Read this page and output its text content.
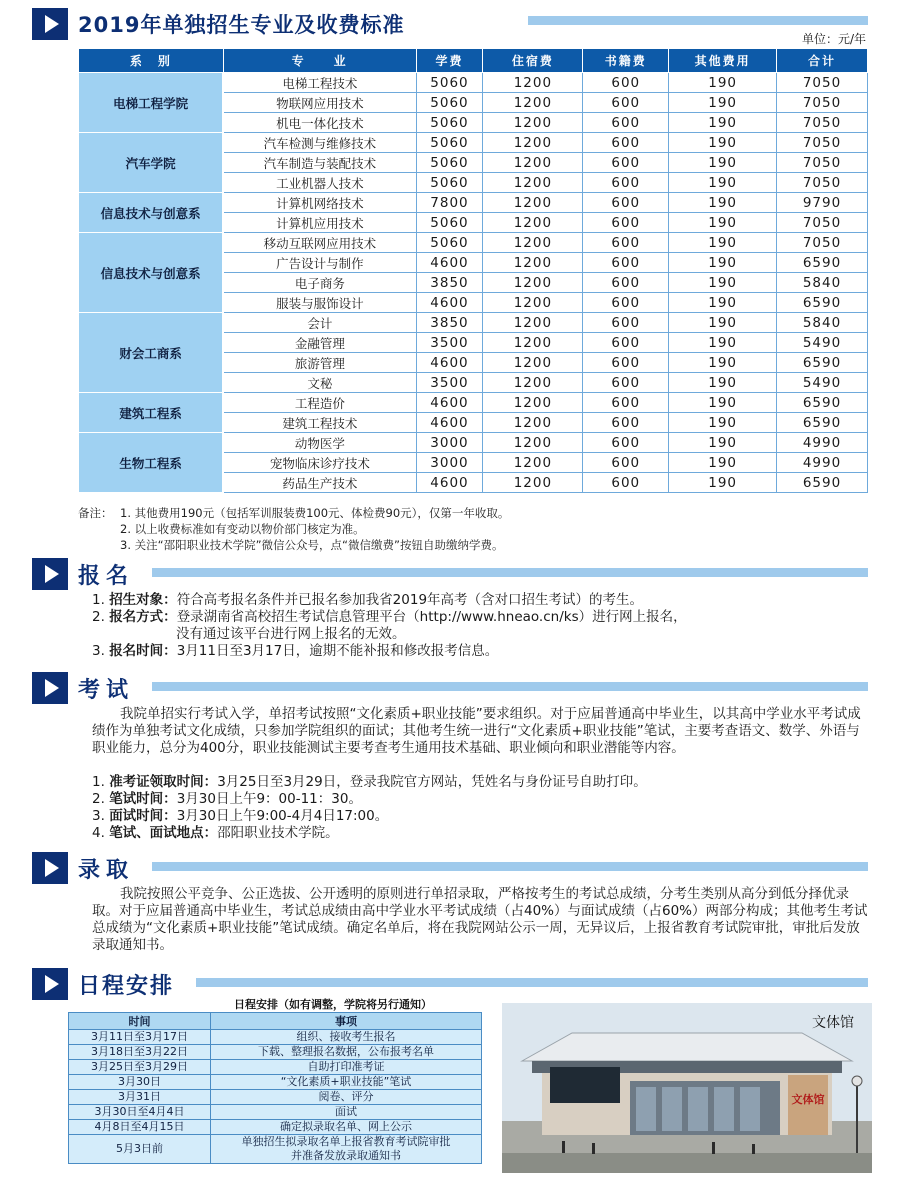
2019年单独招生专业及收费标准
单位：元/年
系　别	专　　业	学费	住宿费	书籍费	其他费用	合计
电梯工程学院	电梯工程技术	5060	1200	600	190	7050
	物联网应用技术	5060	1200	600	190	7050
	机电一体化技术	5060	1200	600	190	7050
汽车学院	汽车检测与维修技术	5060	1200	600	190	7050
	汽车制造与装配技术	5060	1200	600	190	7050
	工业机器人技术	5060	1200	600	190	7050
信息技术与创意系	计算机网络技术	7800	1200	600	190	9790
	计算机应用技术	5060	1200	600	190	7050
信息技术与创意系	移动互联网应用技术	5060	1200	600	190	7050
	广告设计与制作	4600	1200	600	190	6590
	电子商务	3850	1200	600	190	5840
	服装与服饰设计	4600	1200	600	190	6590
财会工商系	会计	3850	1200	600	190	5840
	金融管理	3500	1200	600	190	5490
	旅游管理	4600	1200	600	190	6590
	文秘	3500	1200	600	190	5490
建筑工程系	工程造价	4600	1200	600	190	6590
	建筑工程技术	4600	1200	600	190	6590
生物工程系	动物医学	3000	1200	600	190	4990
	宠物临床诊疗技术	3000	1200	600	190	4990
	药品生产技术	4600	1200	600	190	6590
备注： 1. 其他费用190元（包括军训服装费100元、体检费90元），仅第一年收取。
2. 以上收费标准如有变动以物价部门核定为准。
3. 关注“邵阳职业技术学院”微信公众号，点“微信缴费”按钮自助缴纳学费。
报名
1. 招生对象：符合高考报名条件并已报名参加我省2019年高考（含对口招生考试）的考生。
2. 报名方式：登录湖南省高校招生考试信息管理平台（http://www.hneao.cn/ks）进行网上报名，
没有通过该平台进行网上报名的无效。
3. 报名时间：3月11日至3月17日，逾期不能补报和修改报考信息。
考试
我院单招实行考试入学，单招考试按照“文化素质+职业技能”要求组织。对于应届普通高中毕业生，以其高中学业水平考试成绩作为单独考试文化成绩，只参加学院组织的面试；其他考生统一进行“文化素质+职业技能”笔试，主要考查语文、数学、外语与职业能力，总分为400分，职业技能测试主要考查考生通用技术基础、职业倾向和职业潜能等内容。
1. 准考证领取时间：3月25日至3月29日，登录我院官方网站，凭姓名与身份证号自助打印。
2. 笔试时间：3月30日上午9：00-11：30。
3. 面试时间：3月30日上午9:00-4月4日17:00。
4. 笔试、面试地点：邵阳职业技术学院。
录取
我院按照公平竞争、公正选拔、公开透明的原则进行单招录取，严格按考生的考试总成绩，分考生类别从高分到低分择优录取。对于应届普通高中毕业生，考试总成绩由高中学业水平考试成绩（占40%）与面试成绩（占60%）两部分构成；其他考生考试总成绩为“文化素质+职业技能”笔试成绩。确定名单后，将在我院网站公示一周，无异议后，上报省教育考试院审批，审批后发放录取通知书。
日程安排
日程安排（如有调整，学院将另行通知）
时间	事项
3月11日至3月17日	组织、接收考生报名
3月18日至3月22日	下载、整理报名数据，公布报考名单
3月25日至3月29日	自助打印准考证
3月30日	“文化素质+职业技能”笔试
3月31日	阅卷、评分
3月30日至4月4日	面试
4月8日至4月15日	确定拟录取名单、网上公示
5月3日前	单独招生拟录取名单上报省教育考试院审批
并准备发放录取通知书
文体馆
文体馆
